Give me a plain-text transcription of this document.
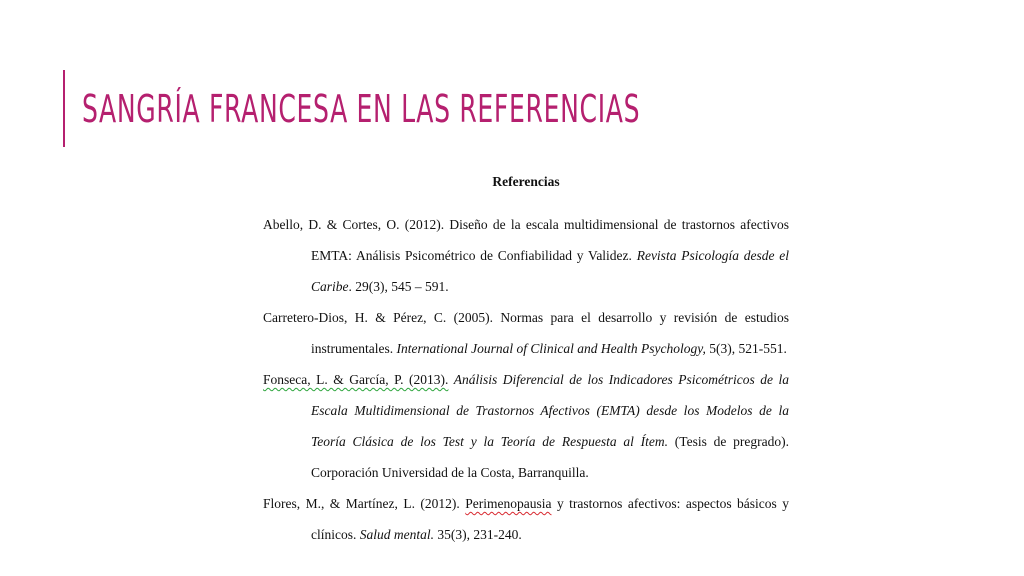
SANGRÍA FRANCESA EN LAS REFERENCIAS
Referencias
Abello, D. & Cortes, O. (2012). Diseño de la escala multidimensional de trastornos afectivos
EMTA: Análisis Psicométrico de Confiabilidad y Validez. Revista Psicología desde el
Caribe. 29(3), 545 – 591.
Carretero-Dios, H. & Pérez, C. (2005). Normas para el desarrollo y revisión de estudios
instrumentales. International Journal of Clinical and Health Psychology, 5(3), 521-551.
Fonseca, L. & García, P. (2013). Análisis Diferencial de los Indicadores Psicométricos de la
Escala Multidimensional de Trastornos Afectivos (EMTA) desde los Modelos de la
Teoría Clásica de los Test y la Teoría de Respuesta al Ítem. (Tesis de pregrado).
Corporación Universidad de la Costa, Barranquilla.
Flores, M., & Martínez, L. (2012). Perimenopausia y trastornos afectivos: aspectos básicos y
clínicos. Salud mental. 35(3), 231-240.
